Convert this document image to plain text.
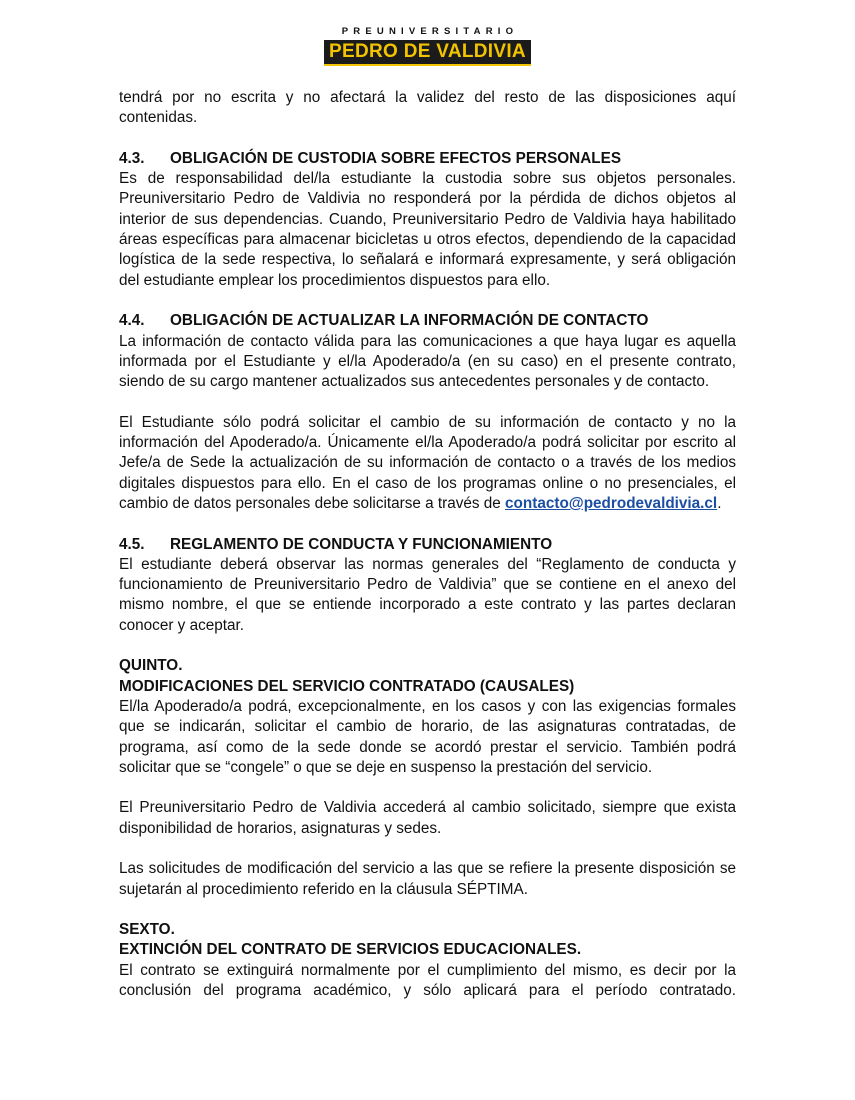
PREUNIVERSITARIO
PEDRO DE VALDIVIA

tendrá por no escrita y no afectará la validez del resto de las disposiciones aquí contenidas.

4.3.	OBLIGACIÓN DE CUSTODIA SOBRE EFECTOS PERSONALES

Es de responsabilidad del/la estudiante la custodia sobre sus objetos personales. Preuniversitario Pedro de Valdivia no responderá por la pérdida de dichos objetos al interior de sus dependencias. Cuando, Preuniversitario Pedro de Valdivia haya habilitado áreas específicas para almacenar bicicletas u otros efectos, dependiendo de la capacidad logística de la sede respectiva, lo señalará e informará expresamente, y será obligación del estudiante emplear los procedimientos dispuestos para ello.

4.4.	OBLIGACIÓN DE ACTUALIZAR LA INFORMACIÓN DE CONTACTO

La información de contacto válida para las comunicaciones a que haya lugar es aquella informada por el Estudiante y el/la Apoderado/a (en su caso) en el presente contrato, siendo de su cargo mantener actualizados sus antecedentes personales y de contacto.

El Estudiante sólo podrá solicitar el cambio de su información de contacto y no la información del Apoderado/a. Únicamente el/la Apoderado/a podrá solicitar por escrito al Jefe/a de Sede la actualización de su información de contacto o a través de los medios digitales dispuestos para ello. En el caso de los programas online o no presenciales, el cambio de datos personales debe solicitarse a través de contacto@pedrodevaldivia.cl.

4.5.	REGLAMENTO DE CONDUCTA Y FUNCIONAMIENTO

El estudiante deberá observar las normas generales del “Reglamento de conducta y funcionamiento de Preuniversitario Pedro de Valdivia” que se contiene en el anexo del mismo nombre, el que se entiende incorporado a este contrato y las partes declaran conocer y aceptar.

QUINTO.

MODIFICACIONES DEL SERVICIO CONTRATADO (CAUSALES)

El/la Apoderado/a podrá, excepcionalmente, en los casos y con las exigencias formales que se indicarán, solicitar el cambio de horario, de las asignaturas contratadas, de programa, así como de la sede donde se acordó prestar el servicio. También podrá solicitar que se “congele” o que se deje en suspenso la prestación del servicio.

El Preuniversitario Pedro de Valdivia accederá al cambio solicitado, siempre que exista disponibilidad de horarios, asignaturas y sedes.

Las solicitudes de modificación del servicio a las que se refiere la presente disposición se sujetarán al procedimiento referido en la cláusula SÉPTIMA.

SEXTO.

EXTINCIÓN DEL CONTRATO DE SERVICIOS EDUCACIONALES.

El contrato se extinguirá normalmente por el cumplimiento del mismo, es decir por la conclusión del programa académico, y sólo aplicará para el período contratado.
